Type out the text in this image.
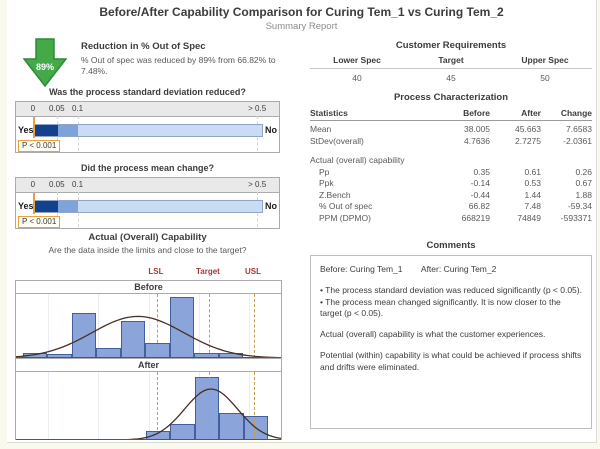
Before/After Capability Comparison for Curing Tem_1 vs Curing Tem_2
Summary Report
89%
Reduction in % Out of Spec
% Out of spec was reduced by 89% from 66.82% to 7.48%.
Was the process standard deviation reduced?
0 0.05 0.1	> 0.5
Yes	No
P < 0.001
Did the process mean change?
0 0.05 0.1	> 0.5
Yes	No
P < 0.001
Actual (Overall) Capability
Are the data inside the limits and close to the target?
LSL	Target	USL
Before
After
Customer Requirements
Lower Spec	Target	Upper Spec
40	45	50
Process Characterization
Statistics	Before	After	Change
Mean	38.005	45.663	7.6583
StDev(overall)	4.7636	2.7275	-2.0361
Actual (overall) capability
Pp	0.35	0.61	0.26
Ppk	-0.14	0.53	0.67
Z.Bench	-0.44	1.44	1.88
% Out of spec	66.82	7.48	-59.34
PPM (DPMO)	668219	74849	-593371
Comments
Before: Curing Tem_1 After: Curing Tem_2
• The process standard deviation was reduced significantly (p < 0.05).
• The process mean changed significantly. It is now closer to the target (p < 0.05).
Actual (overall) capability is what the customer experiences.
Potential (within) capability is what could be achieved if process shifts and drifts were eliminated.
